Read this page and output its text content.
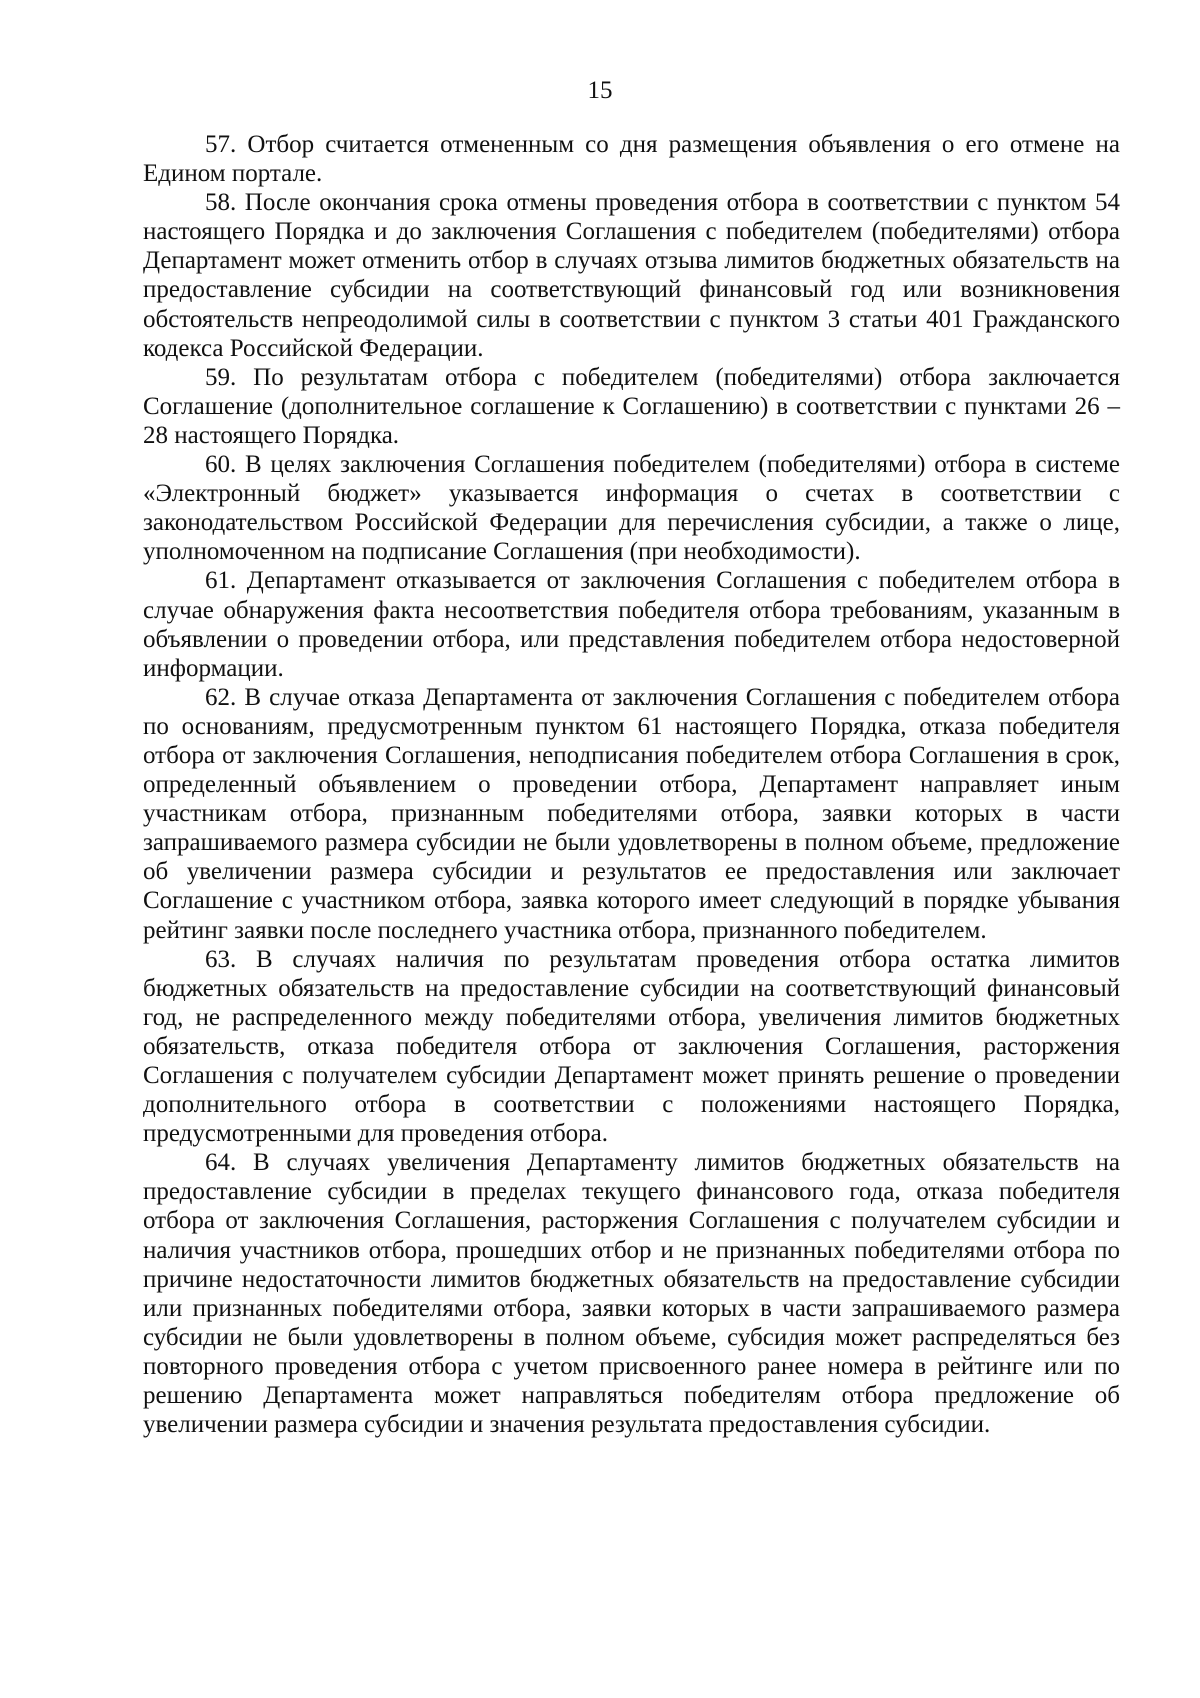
15

57. Отбор считается отмененным со дня размещения объявления о его отмене на Едином портале.

58. После окончания срока отмены проведения отбора в соответствии с пунктом 54 настоящего Порядка и до заключения Соглашения с победителем (победителями) отбора Департамент может отменить отбор в случаях отзыва лимитов бюджетных обязательств на предоставление субсидии на соответствующий финансовый год или возникновения обстоятельств непреодолимой силы в соответствии с пунктом 3 статьи 401 Гражданского кодекса Российской Федерации.

59. По результатам отбора с победителем (победителями) отбора заключается Соглашение (дополнительное соглашение к Соглашению) в соответствии с пунктами 26 – 28 настоящего Порядка.

60. В целях заключения Соглашения победителем (победителями) отбора в системе «Электронный бюджет» указывается информация о счетах в соответствии с законодательством Российской Федерации для перечисления субсидии, а также о лице, уполномоченном на подписание Соглашения (при необходимости).

61. Департамент отказывается от заключения Соглашения с победителем отбора в случае обнаружения факта несоответствия победителя отбора требованиям, указанным в объявлении о проведении отбора, или представления победителем отбора недостоверной информации.

62. В случае отказа Департамента от заключения Соглашения с победителем отбора по основаниям, предусмотренным пунктом 61 настоящего Порядка, отказа победителя отбора от заключения Соглашения, неподписания победителем отбора Соглашения в срок, определенный объявлением о проведении отбора, Департамент направляет иным участникам отбора, признанным победителями отбора, заявки которых в части запрашиваемого размера субсидии не были удовлетворены в полном объеме, предложение об увеличении размера субсидии и результатов ее предоставления или заключает Соглашение с участником отбора, заявка которого имеет следующий в порядке убывания рейтинг заявки после последнего участника отбора, признанного победителем.

63. В случаях наличия по результатам проведения отбора остатка лимитов бюджетных обязательств на предоставление субсидии на соответствующий финансовый год, не распределенного между победителями отбора, увеличения лимитов бюджетных обязательств, отказа победителя отбора от заключения Соглашения, расторжения Соглашения с получателем субсидии Департамент может принять решение о проведении дополнительного отбора в соответствии с положениями настоящего Порядка, предусмотренными для проведения отбора.

64. В случаях увеличения Департаменту лимитов бюджетных обязательств на предоставление субсидии в пределах текущего финансового года, отказа победителя отбора от заключения Соглашения, расторжения Соглашения с получателем субсидии и наличия участников отбора, прошедших отбор и не признанных победителями отбора по причине недостаточности лимитов бюджетных обязательств на предоставление субсидии или признанных победителями отбора, заявки которых в части запрашиваемого размера субсидии не были удовлетворены в полном объеме, субсидия может распределяться без повторного проведения отбора с учетом присвоенного ранее номера в рейтинге или по решению Департамента может направляться победителям отбора предложение об увеличении размера субсидии и значения результата предоставления субсидии.
